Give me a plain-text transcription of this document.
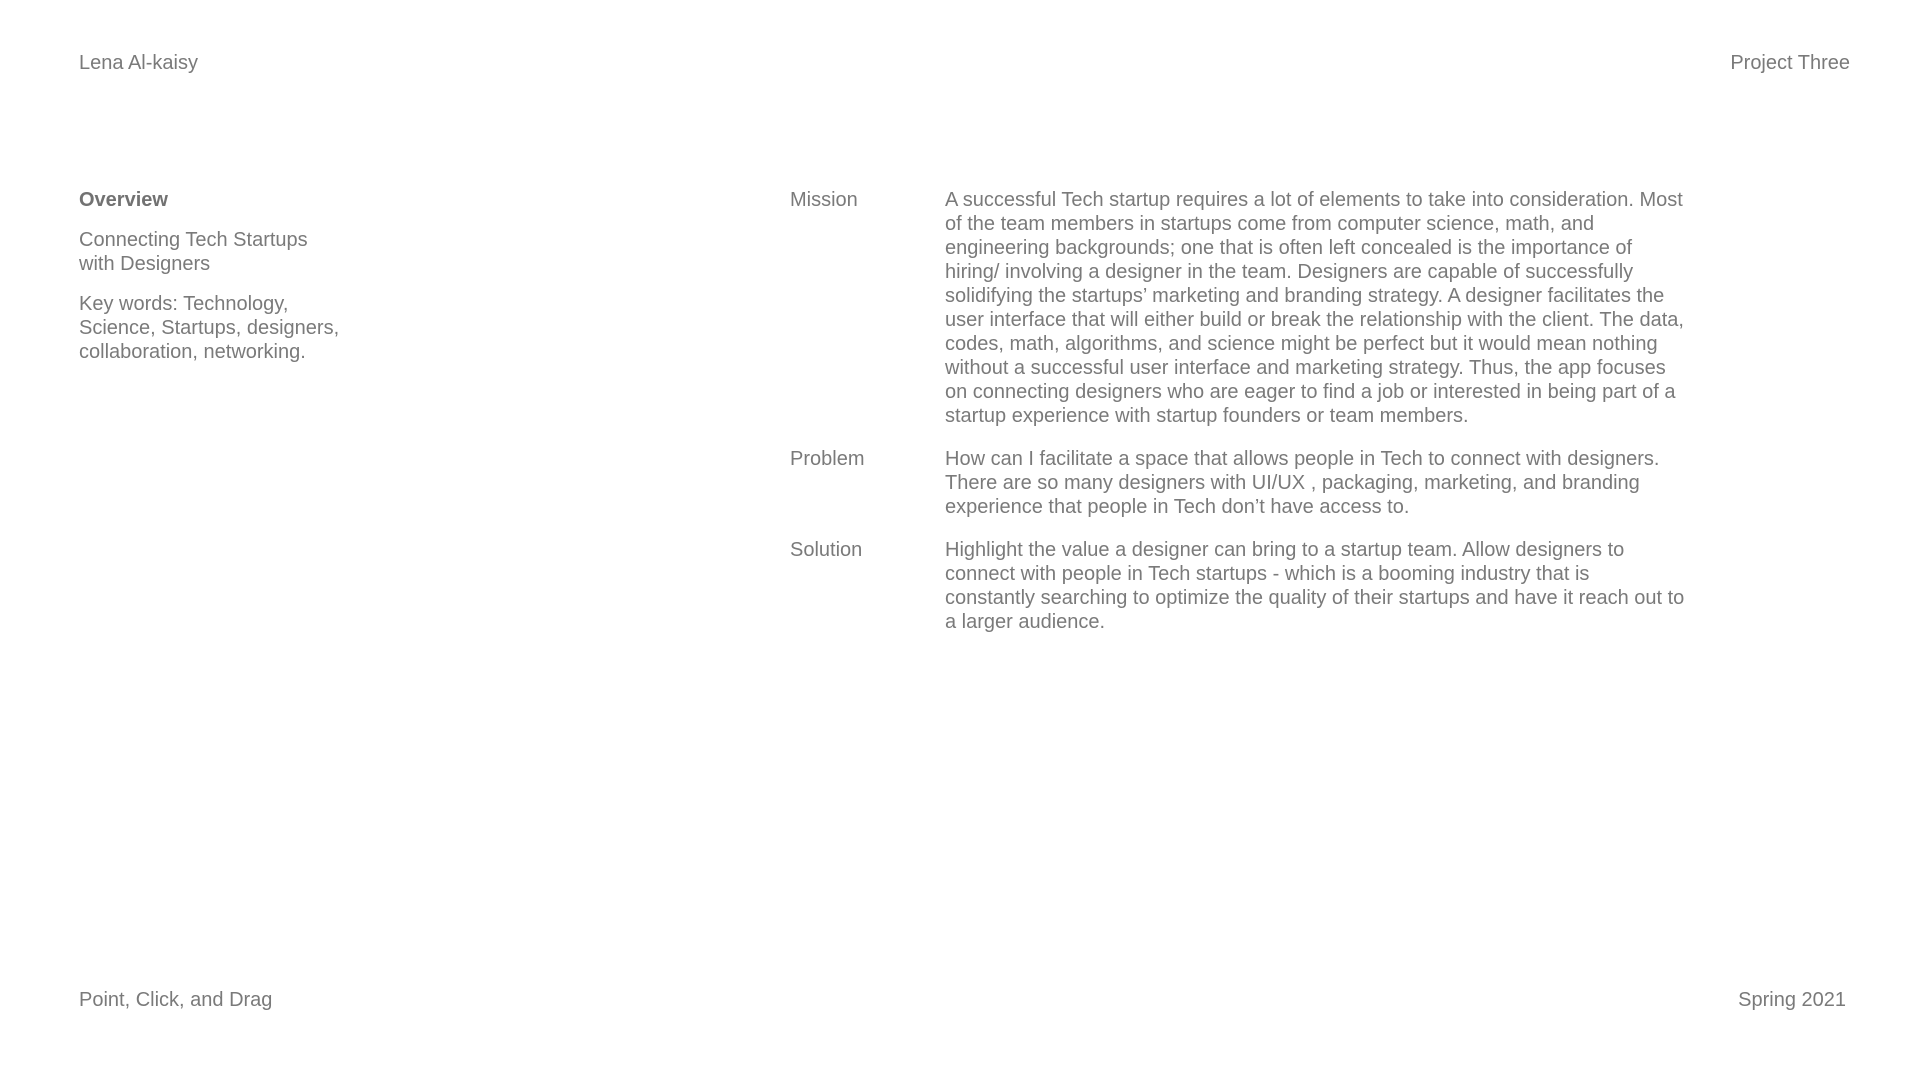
Lena Al-kaisy	Project Three
Overview

Connecting Tech Startups with Designers

Key words: Technology, Science, Startups, designers, collaboration, networking.

Mission	A successful Tech startup requires a lot of elements to take into consideration. Most of the team members in startups come from computer science, math, and engineering backgrounds; one that is often left concealed is the importance of hiring/ involving a designer in the team. Designers are capable of successfully solidifying the startups’ marketing and branding strategy. A designer facilitates the user interface that will either build or break the relationship with the client. The data, codes, math, algorithms, and science might be perfect but it would mean nothing without a successful user interface and marketing strategy. Thus, the app focuses on connecting designers who are eager to find a job or interested in being part of a startup experience with startup founders or team members.
Problem	How can I facilitate a space that allows people in Tech to connect with designers. There are so many designers with UI/UX , packaging, marketing, and branding experience that people in Tech don’t have access to.
Solution	Highlight the value a designer can bring to a startup team. Allow designers to connect with people in Tech startups - which is a booming industry that is constantly searching to optimize the quality of their startups and have it reach out to a larger audience.
Point, Click, and Drag	Spring 2021
